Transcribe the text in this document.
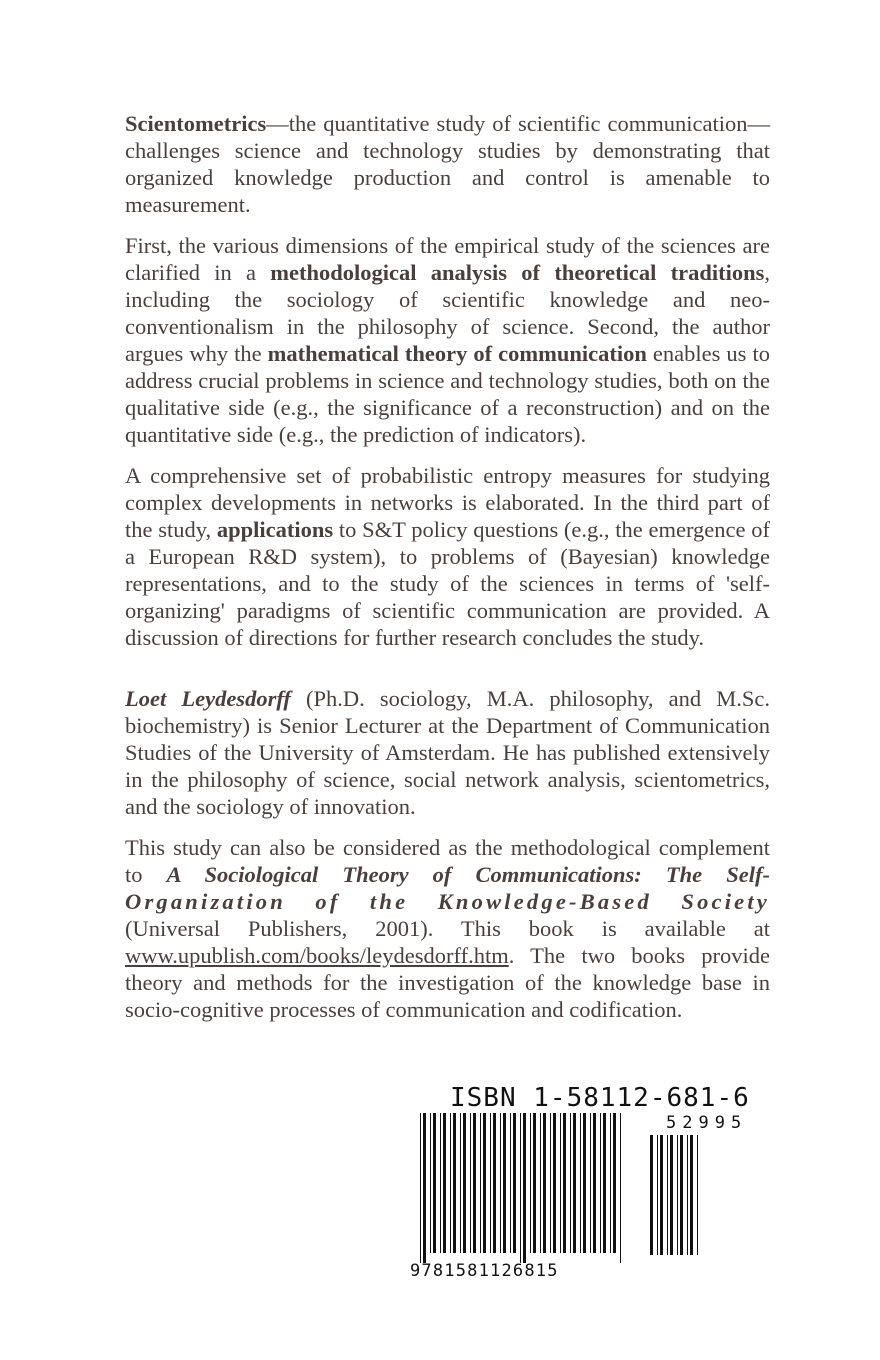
Scientometrics—the quantitative study of scientific communication—challenges science and technology studies by demonstrating that organized knowledge production and control is amenable to measurement.

First, the various dimensions of the empirical study of the sciences are clarified in a methodological analysis of theoretical traditions, including the sociology of scientific knowledge and neoconventionalism in the philosophy of science. Second, the author argues why the mathematical theory of communication enables us to address crucial problems in science and technology studies, both on the qualitative side (e.g., the significance of a reconstruction) and on the quantitative side (e.g., the prediction of indicators).

A comprehensive set of probabilistic entropy measures for studying complex developments in networks is elaborated. In the third part of the study, applications to S&T policy questions (e.g., the emergence of a European R&D system), to problems of (Bayesian) knowledge representations, and to the study of the sciences in terms of 'self-organizing' paradigms of scientific communication are provided. A discussion of directions for further research concludes the study.

Loet Leydesdorff (Ph.D. sociology, M.A. philosophy, and M.Sc. biochemistry) is Senior Lecturer at the Department of Communication Studies of the University of Amsterdam. He has published extensively in the philosophy of science, social network analysis, scientometrics, and the sociology of innovation.

This study can also be considered as the methodological complement to A Sociological Theory of Communications: The Self- Organization of the Knowledge-Based Society (Universal Publishers, 2001). This book is available at www.upublish.com/books/leydesdorff.htm. The two books provide theory and methods for the investigation of the knowledge base in socio-cognitive processes of communication and codification.

ISBN 1-58112-681-6
52995
9781581126815
